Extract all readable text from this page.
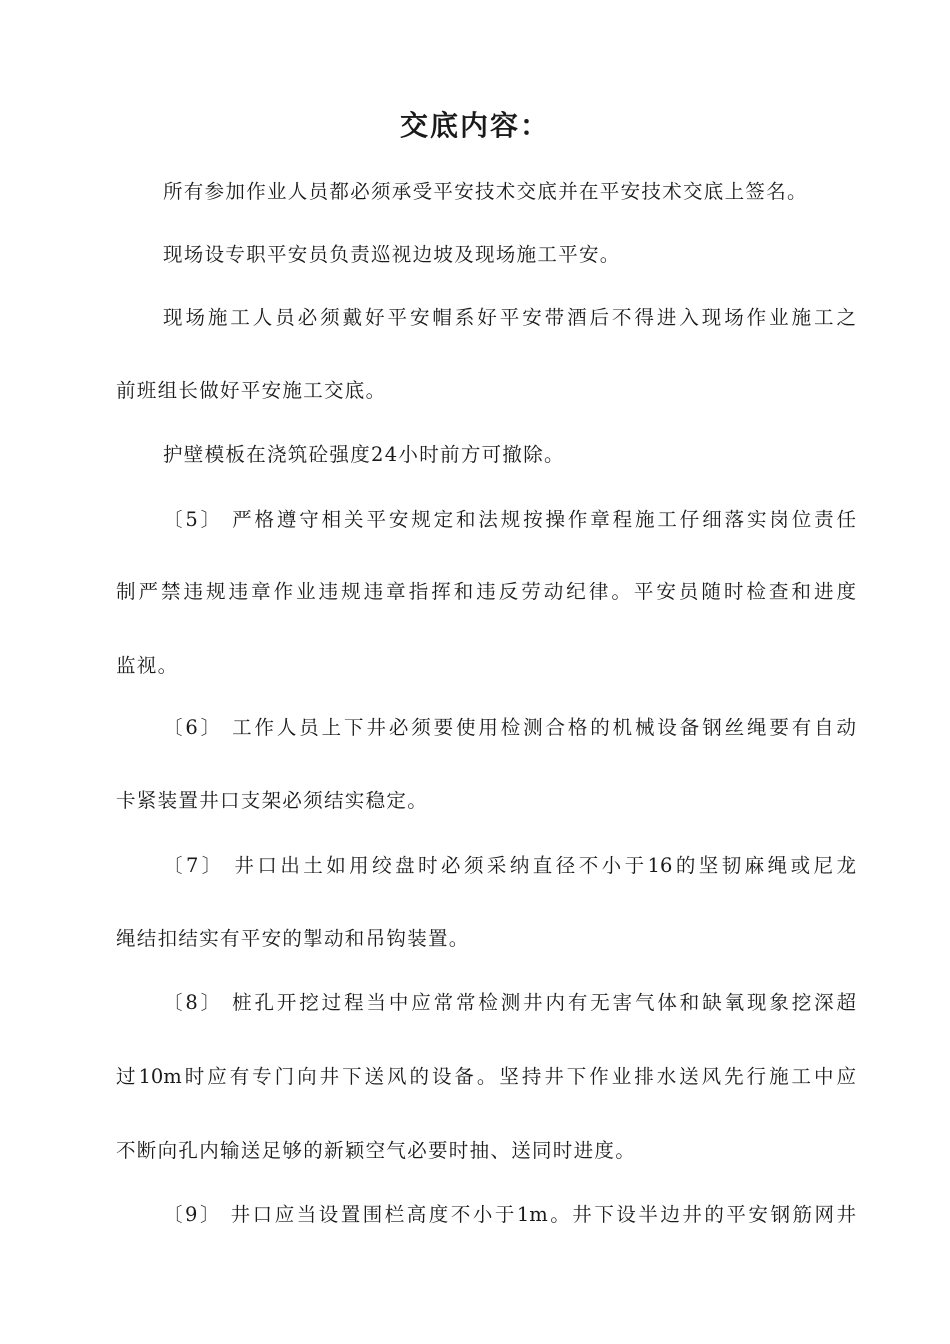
交底内容：
所有参加作业人员都必须承受平安技术交底并在平安技术交底上签名。
现场设专职平安员负责巡视边坡及现场施工平安。
现场施工人员必须戴好平安帽系好平安带酒后不得进入现场作业施工之
前班组长做好平安施工交底。
护壁模板在浇筑砼强度24小时前方可撤除。
〔5〕 严格遵守相关平安规定和法规按操作章程施工仔细落实岗位责任
制严禁违规违章作业违规违章指挥和违反劳动纪律。平安员随时检查和进度
监视。
〔6〕 工作人员上下井必须要使用检测合格的机械设备钢丝绳要有自动
卡紧装置井口支架必须结实稳定。
〔7〕 井口出土如用绞盘时必须采纳直径不小于16的坚韧麻绳或尼龙
绳结扣结实有平安的掣动和吊钩装置。
〔8〕 桩孔开挖过程当中应常常检测井内有无害气体和缺氧现象挖深超
过10m时应有专门向井下送风的设备。坚持井下作业排水送风先行施工中应
不断向孔内输送足够的新颖空气必要时抽、送同时进度。
〔9〕 井口应当设置围栏高度不小于1m。井下设半边井的平安钢筋网井
